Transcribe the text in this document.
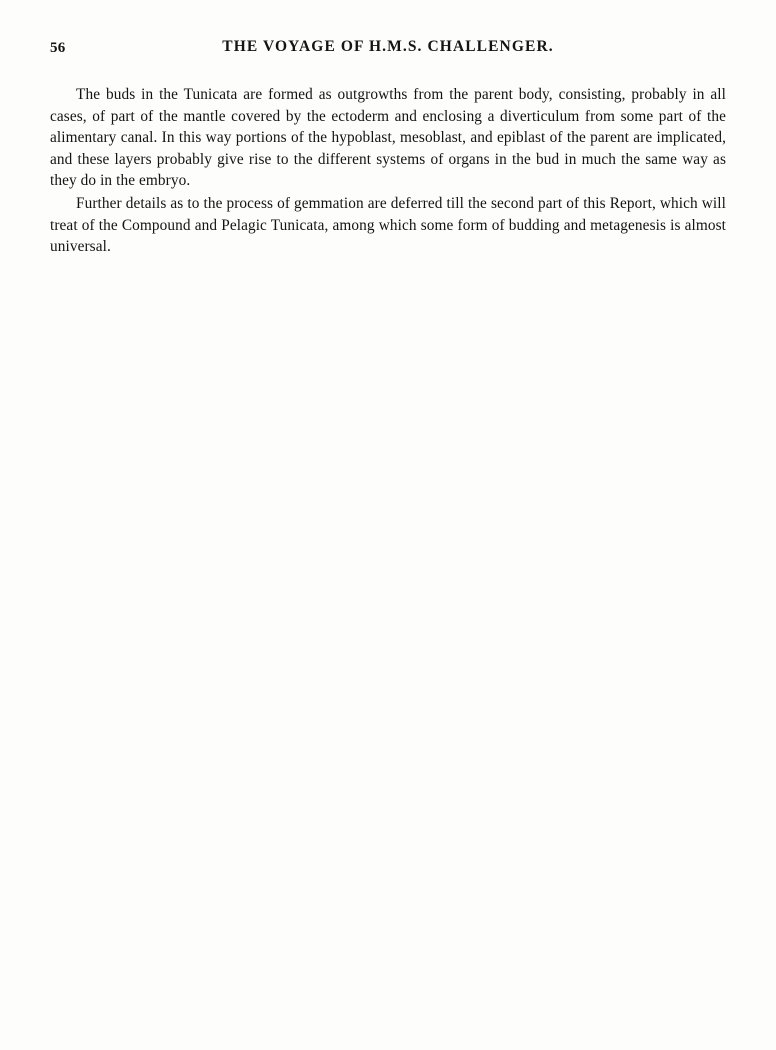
56	THE VOYAGE OF H.M.S. CHALLENGER.

The buds in the Tunicata are formed as outgrowths from the parent body, consisting, probably in all cases, of part of the mantle covered by the ectoderm and enclosing a diverticulum from some part of the alimentary canal. In this way portions of the hypoblast, mesoblast, and epiblast of the parent are implicated, and these layers probably give rise to the different systems of organs in the bud in much the same way as they do in the embryo.

Further details as to the process of gemmation are deferred till the second part of this Report, which will treat of the Compound and Pelagic Tunicata, among which some form of budding and metagenesis is almost universal.
